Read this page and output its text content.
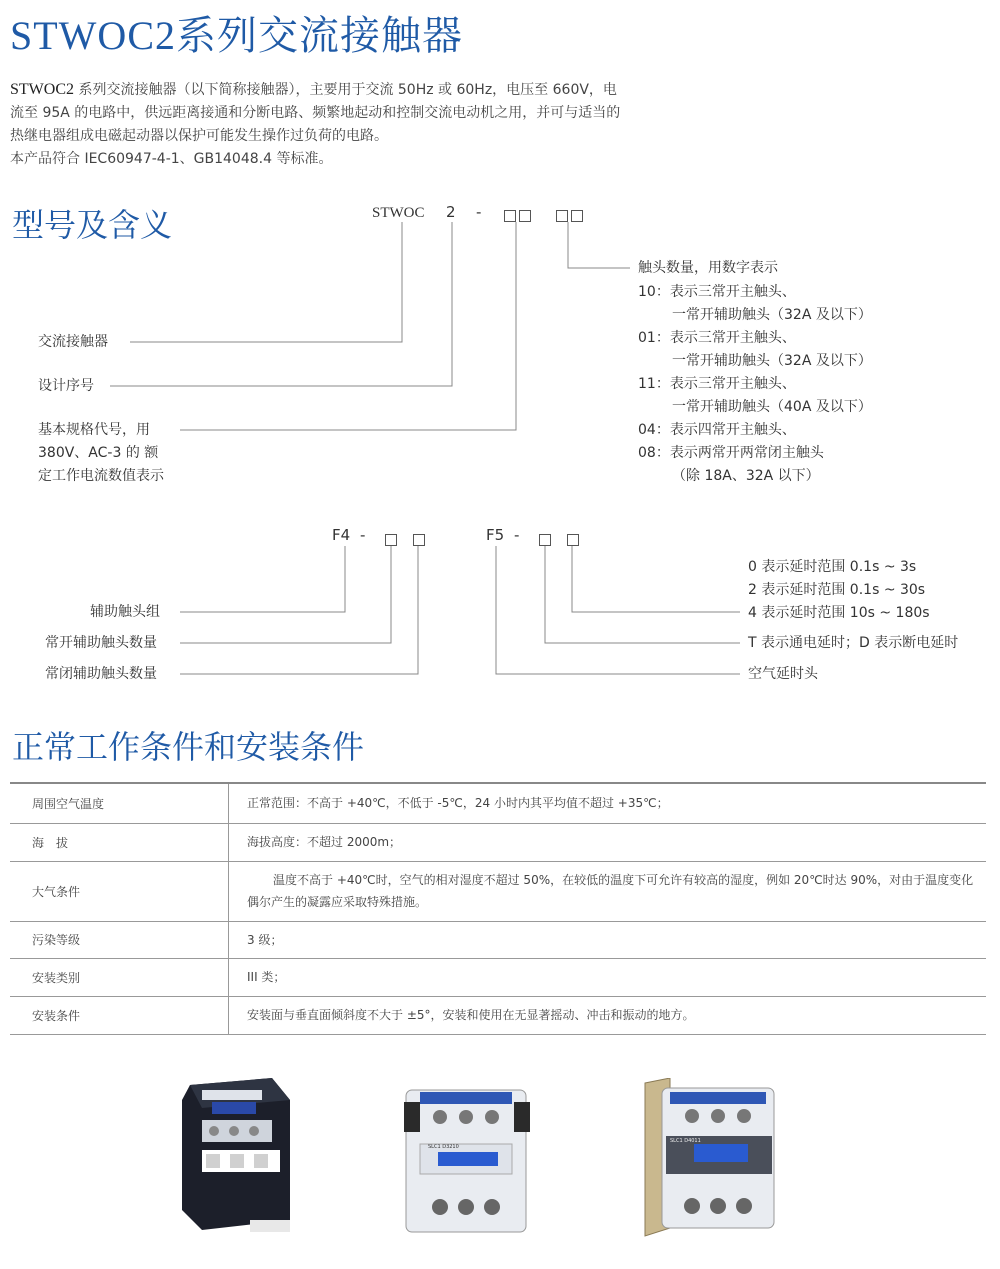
STWOC2系列交流接触器

STWOC2 系列交流接触器（以下简称接触器），主要用于交流 50Hz 或 60Hz，电压至 660V，电

流至 95A 的电路中，供远距离接通和分断电路、频繁地起动和控制交流电动机之用，并可与适当的

热继电器组成电磁起动器以保护可能发生操作过负荷的电路。

本产品符合 IEC60947-4-1、GB14048.4 等标准。

型号及含义	STWOC 2 -
交流接触器
设计序号
基本规格代号，用
380V、AC-3 的 额
定工作电流数值表示
触头数量，用数字表示
10：表示三常开主触头、
一常开辅助触头（32A 及以下）
01：表示三常开主触头、
一常开辅助触头（32A 及以下）
11：表示三常开主触头、
一常开辅助触头（40A 及以下）
04：表示四常开主触头、
08：表示两常开两常闭主触头
（除 18A、32A 以下）
F4 -
辅助触头组
常开辅助触头数量
常闭辅助触头数量
F5 -
0 表示延时范围 0.1s ~ 3s
2 表示延时范围 0.1s ~ 30s
4 表示延时范围 10s ~ 180s
T 表示通电延时；D 表示断电延时
空气延时头
正常工作条件和安装条件
周围空气温度	正常范围：不高于 +40℃，不低于 -5℃，24 小时内其平均值不超过 +35℃；
海　拔	海拔高度：不超过 2000m；
大气条件	温度不高于 +40℃时，空气的相对湿度不超过 50%，在较低的温度下可允许有较高的湿度，例如 20℃时达 90%，对由于温度变化偶尔产生的凝露应采取特殊措施。
污染等级	3 级；
安装类别	III 类；
安装条件	安装面与垂直面倾斜度不大于 ±5°，安装和使用在无显著摇动、冲击和振动的地方。
SLC1 D3210
SLC1 D4011
